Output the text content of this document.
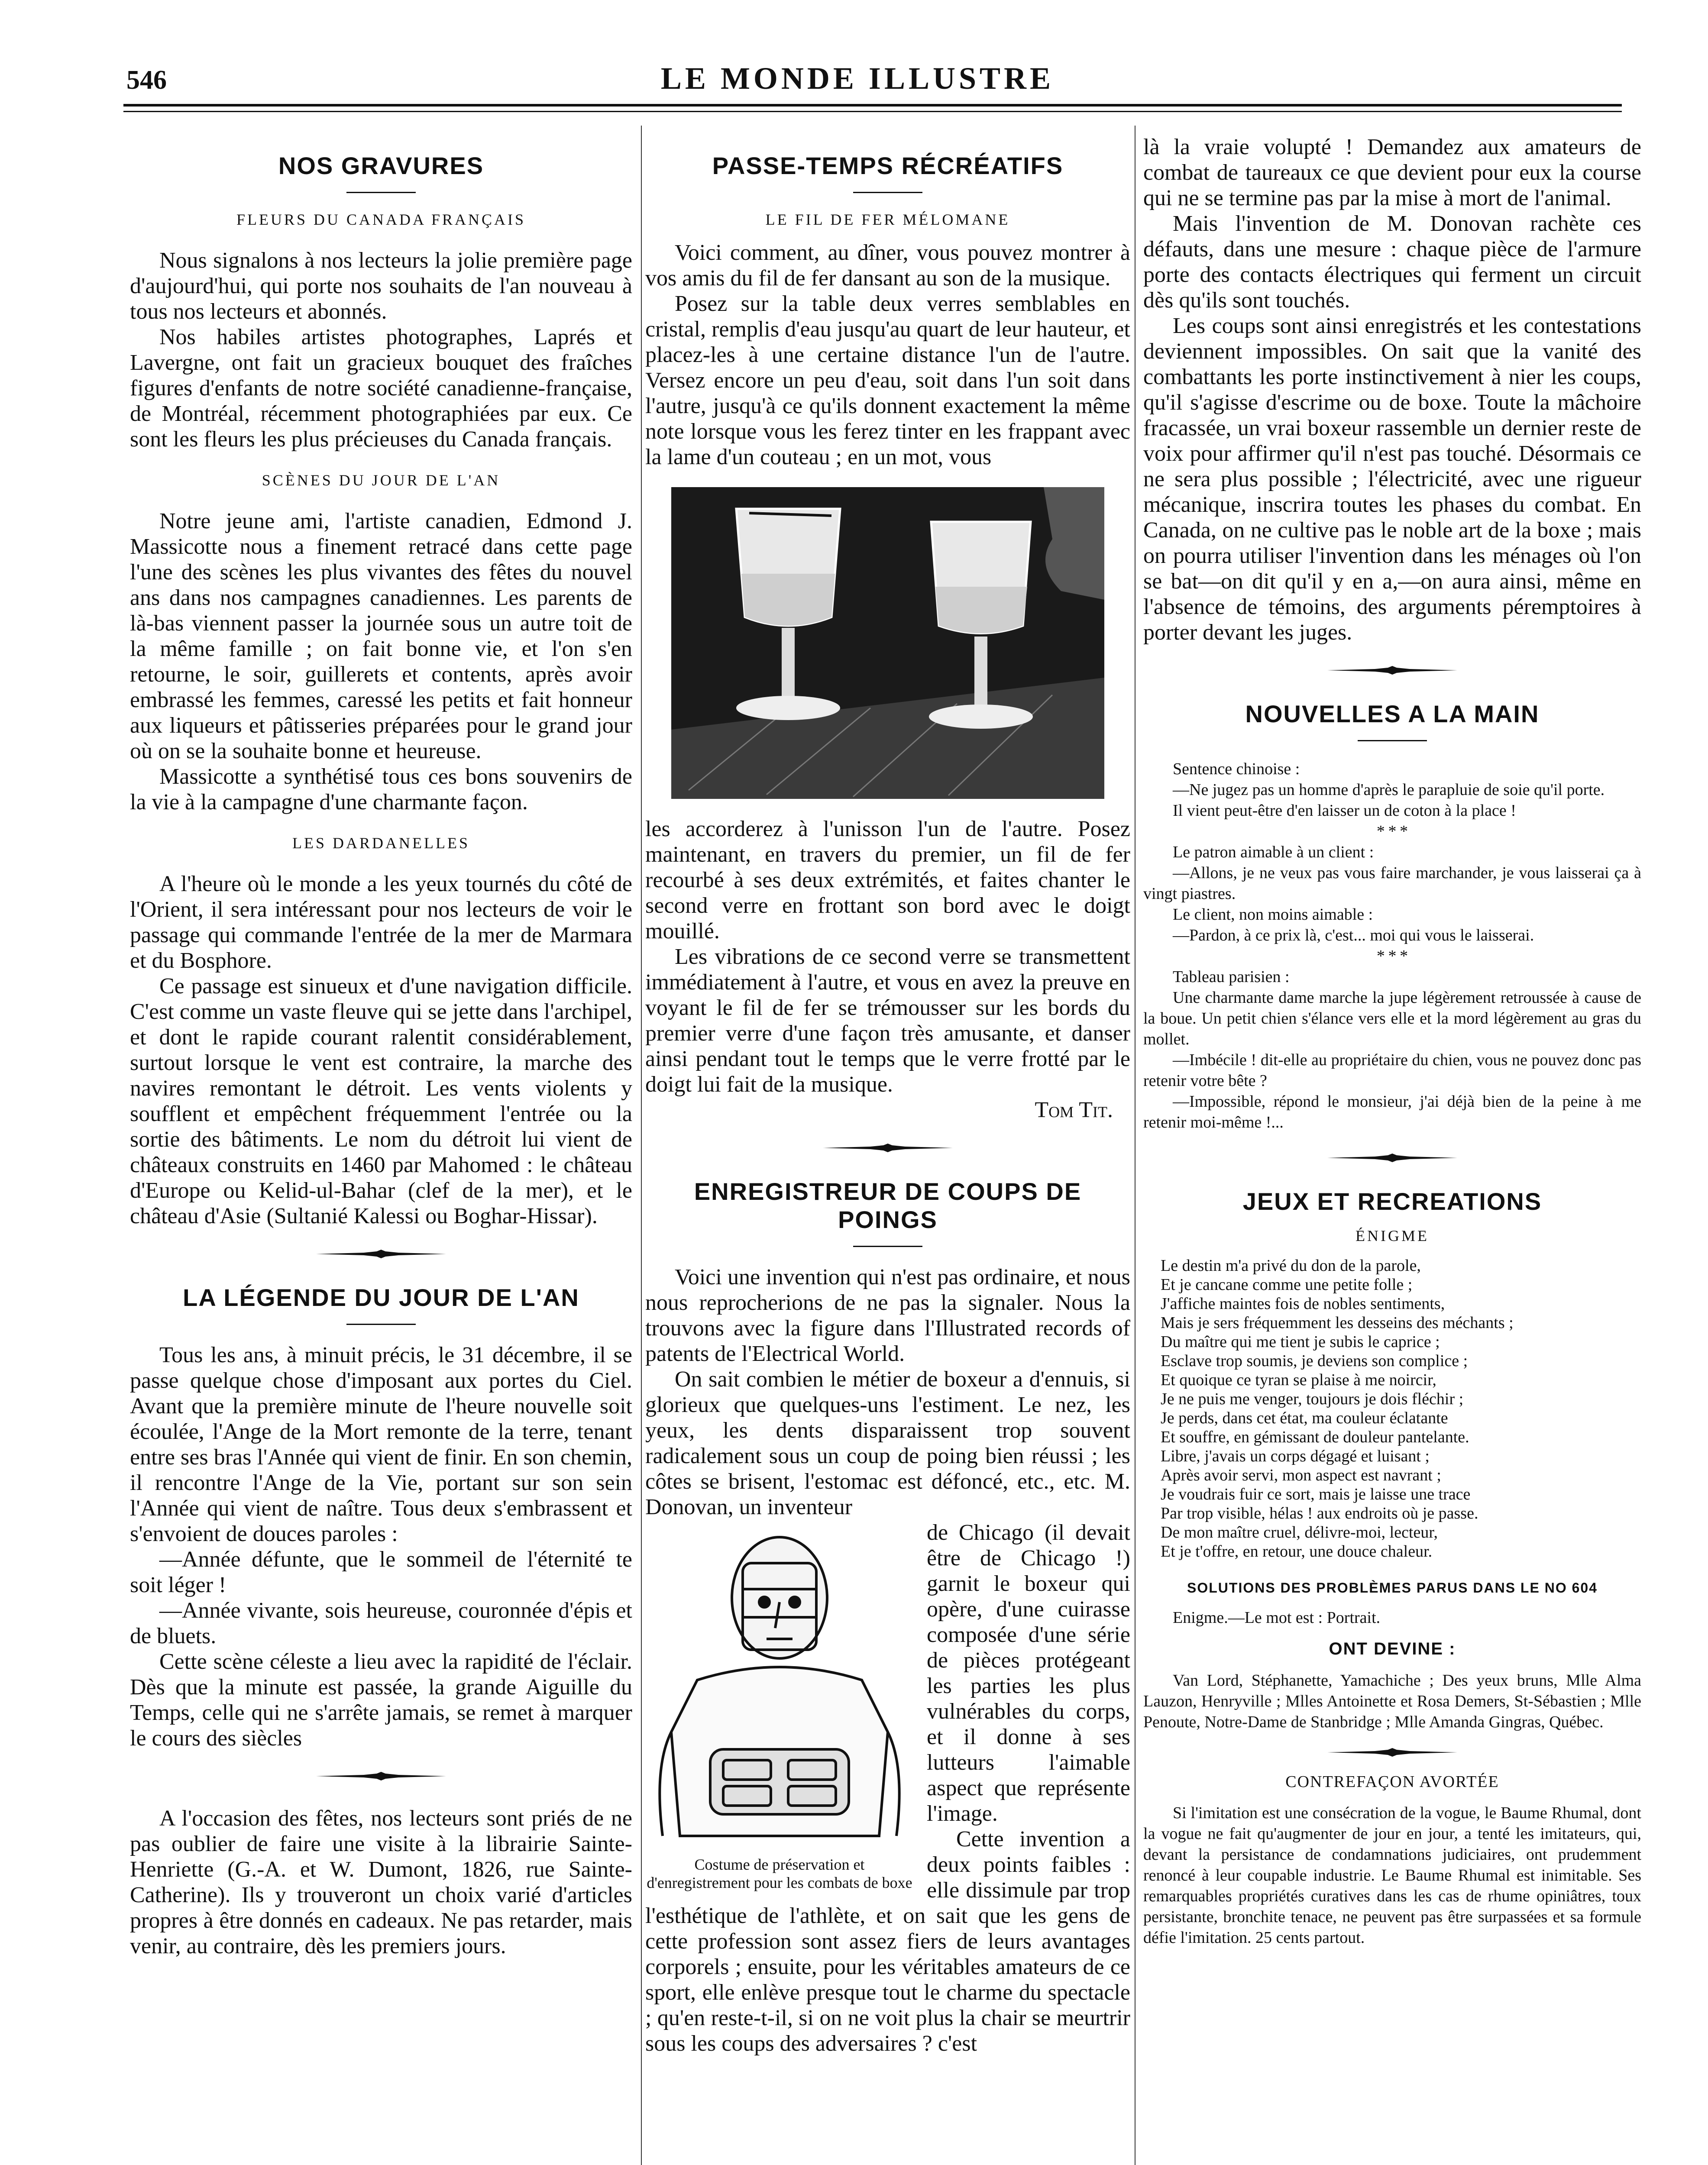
546	LE MONDE ILLUSTRE
NOS GRAVURES
FLEURS DU CANADA FRANÇAIS

Nous signalons à nos lecteurs la jolie première page d'aujourd'hui, qui porte nos souhaits de l'an nouveau à tous nos lecteurs et abonnés.

Nos habiles artistes photographes, Laprés et Lavergne, ont fait un gracieux bouquet des fraîches figures d'enfants de notre société canadienne-française, de Montréal, récemment photographiées par eux. Ce sont les fleurs les plus précieuses du Canada français.

SCÈNES DU JOUR DE L'AN

Notre jeune ami, l'artiste canadien, Edmond J. Massicotte nous a finement retracé dans cette page l'une des scènes les plus vivantes des fêtes du nouvel ans dans nos campagnes canadiennes. Les parents de là-bas viennent passer la journée sous un autre toit de la même famille ; on fait bonne vie, et l'on s'en retourne, le soir, guillerets et contents, après avoir embrassé les femmes, caressé les petits et fait honneur aux liqueurs et pâtisseries préparées pour le grand jour où on se la souhaite bonne et heureuse.

Massicotte a synthétisé tous ces bons souvenirs de la vie à la campagne d'une charmante façon.

LES DARDANELLES

A l'heure où le monde a les yeux tournés du côté de l'Orient, il sera intéressant pour nos lecteurs de voir le passage qui commande l'entrée de la mer de Marmara et du Bosphore.

Ce passage est sinueux et d'une navigation difficile. C'est comme un vaste fleuve qui se jette dans l'archipel, et dont le rapide courant ralentit considérablement, surtout lorsque le vent est contraire, la marche des navires remontant le détroit. Les vents violents y soufflent et empêchent fréquemment l'entrée ou la sortie des bâtiments. Le nom du détroit lui vient de châteaux construits en 1460 par Mahomed : le château d'Europe ou Kelid-ul-Bahar (clef de la mer), et le château d'Asie (Sultanié Kalessi ou Boghar-Hissar).

LA LÉGENDE DU JOUR DE L'AN

Tous les ans, à minuit précis, le 31 décembre, il se passe quelque chose d'imposant aux portes du Ciel. Avant que la première minute de l'heure nouvelle soit écoulée, l'Ange de la Mort remonte de la terre, tenant entre ses bras l'Année qui vient de finir. En son chemin, il rencontre l'Ange de la Vie, portant sur son sein l'Année qui vient de naître. Tous deux s'embrassent et s'envoient de douces paroles :

—Année défunte, que le sommeil de l'éternité te soit léger !

—Année vivante, sois heureuse, couronnée d'épis et de bluets.

Cette scène céleste a lieu avec la rapidité de l'éclair. Dès que la minute est passée, la grande Aiguille du Temps, celle qui ne s'arrête jamais, se remet à marquer le cours des siècles

A l'occasion des fêtes, nos lecteurs sont priés de ne pas oublier de faire une visite à la librairie Sainte-Henriette (G.-A. et W. Dumont, 1826, rue Sainte-Catherine). Ils y trouveront un choix varié d'articles propres à être donnés en cadeaux. Ne pas retarder, mais venir, au contraire, dès les premiers jours.

PASSE-TEMPS RÉCRÉATIFS
LE FIL DE FER MÉLOMANE

Voici comment, au dîner, vous pouvez montrer à vos amis du fil de fer dansant au son de la musique.

Posez sur la table deux verres semblables en cristal, remplis d'eau jusqu'au quart de leur hauteur, et placez-les à une certaine distance l'un de l'autre. Versez encore un peu d'eau, soit dans l'un soit dans l'autre, jusqu'à ce qu'ils donnent exactement la même note lorsque vous les ferez tinter en les frappant avec la lame d'un couteau ; en un mot, vous

les accorderez à l'unisson l'un de l'autre. Posez maintenant, en travers du premier, un fil de fer recourbé à ses deux extrémités, et faites chanter le second verre en frottant son bord avec le doigt mouillé.

Les vibrations de ce second verre se transmettent immédiatement à l'autre, et vous en avez la preuve en voyant le fil de fer se trémousser sur les bords du premier verre d'une façon très amusante, et danser ainsi pendant tout le temps que le verre frotté par le doigt lui fait de la musique.

Tom Tit.

ENREGISTREUR DE COUPS DE POINGS

Voici une invention qui n'est pas ordinaire, et nous nous reprocherions de ne pas la signaler. Nous la trouvons avec la figure dans l'Illustrated records of patents de l'Electrical World.

On sait combien le métier de boxeur a d'ennuis, si glorieux que quelques-uns l'estiment. Le nez, les yeux, les dents disparaissent trop souvent radicalement sous un coup de poing bien réussi ; les côtes se brisent, l'estomac est défoncé, etc., etc. M. Donovan, un inventeur

Costume de préservation et d'enregistrement pour les combats de boxe

de Chicago (il devait être de Chicago !) garnit le boxeur qui opère, d'une cuirasse composée d'une série de pièces protégeant les parties les plus vulnérables du corps, et il donne à ses lutteurs l'aimable aspect que représente l'image.

Cette invention a deux points faibles : elle dissimule par trop l'esthétique de l'athlète, et on sait que les gens de cette profession sont assez fiers de leurs avantages corporels ; ensuite, pour les véritables amateurs de ce sport, elle enlève presque tout le charme du spectacle ; qu'en reste-t-il, si on ne voit plus la chair se meurtrir sous les coups des adversaires ? c'est

là la vraie volupté ! Demandez aux amateurs de combat de taureaux ce que devient pour eux la course qui ne se termine pas par la mise à mort de l'animal.

Mais l'invention de M. Donovan rachète ces défauts, dans une mesure : chaque pièce de l'armure porte des contacts électriques qui ferment un circuit dès qu'ils sont touchés.

Les coups sont ainsi enregistrés et les contestations deviennent impossibles. On sait que la vanité des combattants les porte instinctivement à nier les coups, qu'il s'agisse d'escrime ou de boxe. Toute la mâchoire fracassée, un vrai boxeur rassemble un dernier reste de voix pour affirmer qu'il n'est pas touché. Désormais ce ne sera plus possible ; l'électricité, avec une rigueur mécanique, inscrira toutes les phases du combat. En Canada, on ne cultive pas le noble art de la boxe ; mais on pourra utiliser l'invention dans les ménages où l'on se bat—on dit qu'il y en a,—on aura ainsi, même en l'absence de témoins, des arguments péremptoires à porter devant les juges.

NOUVELLES A LA MAIN

Sentence chinoise :

—Ne jugez pas un homme d'après le parapluie de soie qu'il porte.

Il vient peut-être d'en laisser un de coton à la place !

* * *

Le patron aimable à un client :

—Allons, je ne veux pas vous faire marchander, je vous laisserai ça à vingt piastres.

Le client, non moins aimable :

—Pardon, à ce prix là, c'est... moi qui vous le laisserai.

* * *

Tableau parisien :

Une charmante dame marche la jupe légèrement retroussée à cause de la boue. Un petit chien s'élance vers elle et la mord légèrement au gras du mollet.

—Imbécile ! dit-elle au propriétaire du chien, vous ne pouvez donc pas retenir votre bête ?

—Impossible, répond le monsieur, j'ai déjà bien de la peine à me retenir moi-même !...

JEUX ET RECREATIONS
ÉNIGME

Le destin m'a privé du don de la parole,

Et je cancane comme une petite folle ;

J'affiche maintes fois de nobles sentiments,

Mais je sers fréquemment les desseins des méchants ;

Du maître qui me tient je subis le caprice ;

Esclave trop soumis, je deviens son complice ;

Et quoique ce tyran se plaise à me noircir,

Je ne puis me venger, toujours je dois fléchir ;

Je perds, dans cet état, ma couleur éclatante

Et souffre, en gémissant de douleur pantelante.

Libre, j'avais un corps dégagé et luisant ;

Après avoir servi, mon aspect est navrant ;

Je voudrais fuir ce sort, mais je laisse une trace

Par trop visible, hélas ! aux endroits où je passe.

De mon maître cruel, délivre-moi, lecteur,

Et je t'offre, en retour, une douce chaleur.

SOLUTIONS DES PROBLÈMES PARUS DANS LE NO 604

Enigme.—Le mot est : Portrait.

ONT DEVINE :

Van Lord, Stéphanette, Yamachiche ; Des yeux bruns, Mlle Alma Lauzon, Henryville ; Mlles Antoinette et Rosa Demers, St-Sébastien ; Mlle Penoute, Notre-Dame de Stanbridge ; Mlle Amanda Gingras, Québec.

CONTREFAÇON AVORTÉE

Si l'imitation est une consécration de la vogue, le Baume Rhumal, dont la vogue ne fait qu'augmenter de jour en jour, a tenté les imitateurs, qui, devant la persistance de condamnations judiciaires, ont prudemment renoncé à leur coupable industrie. Le Baume Rhumal est inimitable. Ses remarquables propriétés curatives dans les cas de rhume opiniâtres, toux persistante, bronchite tenace, ne peuvent pas être surpassées et sa formule défie l'imitation. 25 cents partout.
